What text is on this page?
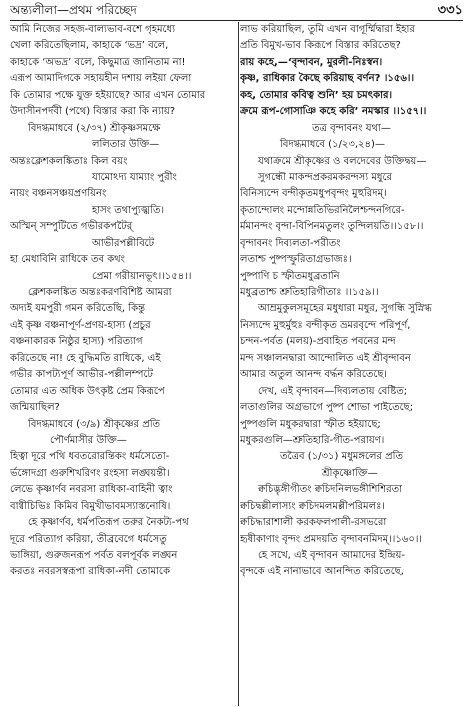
অন্ত্যলীলা—প্রথম পরিচ্ছেদ	৩৩১
আমি নিজের সহজ-বাল্যভাব-বশে গৃহমধ্যে
খেলা করিতেছিলাম, কাহাকে ‘ভদ্র’ বলে,
কাহাকে ‘অভদ্র’ বলে, কিছুমাত্র জানিতাম না!
এরূপ আমাদিগকে সহায়হীন দশায় লইয়া ফেলা
কি তোমার পক্ষে যুক্ত হইয়াছে? আর এখন তোমার
উদাসীনপর্দবী (পথে) বিস্তার করা কি ন্যায়?
বিদগ্ধমাধবে (২/৩৭) শ্রীকৃষ্ণসমক্ষে
ললিতার উক্তি—
অন্তঃক্লেশকলঙ্কিতাঃ কিল বয়ং
যামোঽদ্য যাম্যাং পুরীং
নায়ং বঞ্চনসঞ্চয়প্রণয়িনং
হাসং তথাপ্যুজ্ঝতি।
অস্মিন্ সম্পুটিতে গভীরকপটৈর্
আভীরপল্লীবিটে
হা মেধাবিনি রাধিকে তব কথং
প্রেমা গরীয়ানভূৎ।।১৫৪।।
ক্লেশকলঙ্কিত অন্তঃকরণবিশিষ্ট আমরা
অদ্যই যমপুরী গমন করিতেছি, কিন্তু
এই কৃষ্ণ বঞ্চনাপূর্ণ-প্রণয়-হাস্য (প্রচুর
বঞ্চনাকারক নিষ্ঠুর হাস্য) পরিত্যাগ
করিতেছে না! হে বুদ্ধিমতি রাধিকে, এই
গভীর কাপট্যপূর্ণ আভীর-পল্লীলম্পটে
তোমার এত অধিক উৎকৃষ্ট প্রেম কিরূপে
জন্মিয়াছিল?
বিদগ্ধমাধবে (৩/৯) শ্রীকৃষ্ণের প্রতি
পৌর্ণমাসীর উক্তি—
হিত্বা দূরে পথি ধবতরোরন্তিকং ধর্মসেতো-
র্ভঙ্গোদগ্রা গুরুশিখরিণং রংহসা লঙ্ঘয়ন্তী।
লেভে কৃষ্ণার্ণব নবরসা রাধিকা-বাহিনী ত্বাং
বাগ্বীচিভিঃ কিমিব বিমুখীভাবমস্যাস্তনোষি।
হে কৃষ্ণার্ণব, ধর্মপতিরূপ তরুর নৈকট্য-পথ
দূরে পরিত্যাগ করিয়া, তীব্রবেগে ধর্মসেতু
ভাঙ্গিয়া, গুরুজনরূপ পর্বত বলপূর্বক লঙ্ঘন
করতঃ নবরসস্বরূপা রাধিকা-নদী তোমাকে
লাভ করিয়াছিল, তুমি এখন বাগূর্ম্মিদ্বারা ইহার
প্রতি বিমুখ-ভাব কিরূপে বিস্তার করিতেছ?
রায় কহে,—‘বৃন্দাবন, মুরলী-নিঃস্বন।
কৃষ্ণ, রাধিকার কৈছে করিয়াছ বর্ণন? ।১৫৬।।
কহ, তোমার কবিত্ব শুনি’ হয় চমৎকার।
ক্রমে রূপ-গোসাঞি কহে করি’ নমস্কার ।।১৫৭।।
তত্র বৃন্দাবনং যথা—
বিদগ্ধমাধবে (১/২৩,২৪)—
যথাক্রমে শ্রীকৃষ্ণের ও বলদেবের উক্তিদ্বয়—
সুগন্ধৌ মাকন্দপ্রকরমকরন্দস্য মধুরে
বিনিস্যন্দে বন্দীকৃতমধুপবৃন্দং মুহুরিদম্।
কৃতান্দোলং মন্দোন্নতিভিরনিলৈশ্চন্দনগিরে-
র্মমানন্দং বৃন্দা-বিপিনমতুলং তুন্দিলয়তি।।১৫৮।।
বৃন্দাবনং দিব্যলতা-পরীতং
লতাশ্চ পুষ্পস্ফুরিতাগ্রভাজঃ।
পুষ্পাণি চ স্ফীতমধুব্রতানি
মধুব্রতাশ্চ শ্রুতিহারিগীতাঃ ।।১৫৯।।
আম্রমুকুলসমূহের মধুধারা মধুর, সুগন্ধি সুস্নিগ্ধ
নিস্যন্দে মুহুর্মুহুঃ বন্দীকৃত ভ্রমরবৃন্দে পরিপূর্ণ,
চন্দন-পর্বত (মলয়)-প্রবাহিত পবনের মন্দ
মন্দ সঞ্চালনদ্বারা আন্দোলিত এই শ্রীবৃন্দাবন
আমার অতুল আনন্দ বর্দ্ধন করিতেছে।
দেখ, এই বৃন্দাবন—দিব্যলতায় বেষ্টিত;
লতাগুলির অগ্রভাগে পুষ্প শোভা পাইতেছে;
পুষ্পগুলি মধুকরদ্বারা স্ফীত হইয়াছে;
মধুকরগুলি—শ্রুতিহারি-গীত-পরায়ণ।
তত্রৈব (১/৩১) মধুমঙ্গলের প্রতি
শ্রীকৃষ্ণোক্তি—
ক্বচিদ্ভৃঙ্গীগীতং ক্বচিদনিলভঙ্গীশিশিরতা
ক্বচিদ্বল্লীলাস্যং ক্বচিদমলমল্লীপরিমলঃ।
ক্বচিদ্ধারাশালী করকফলপালী-রসভরো
হৃষীকাণাং বৃন্দং প্রমদয়তি বৃন্দাবনমিদম্।।১৬০।।
হে সখে, এই বৃন্দাবন আমাদের ইন্দ্রিয়-
বৃন্দকে এই নানাভাবে আনন্দিত করিতেছে,
